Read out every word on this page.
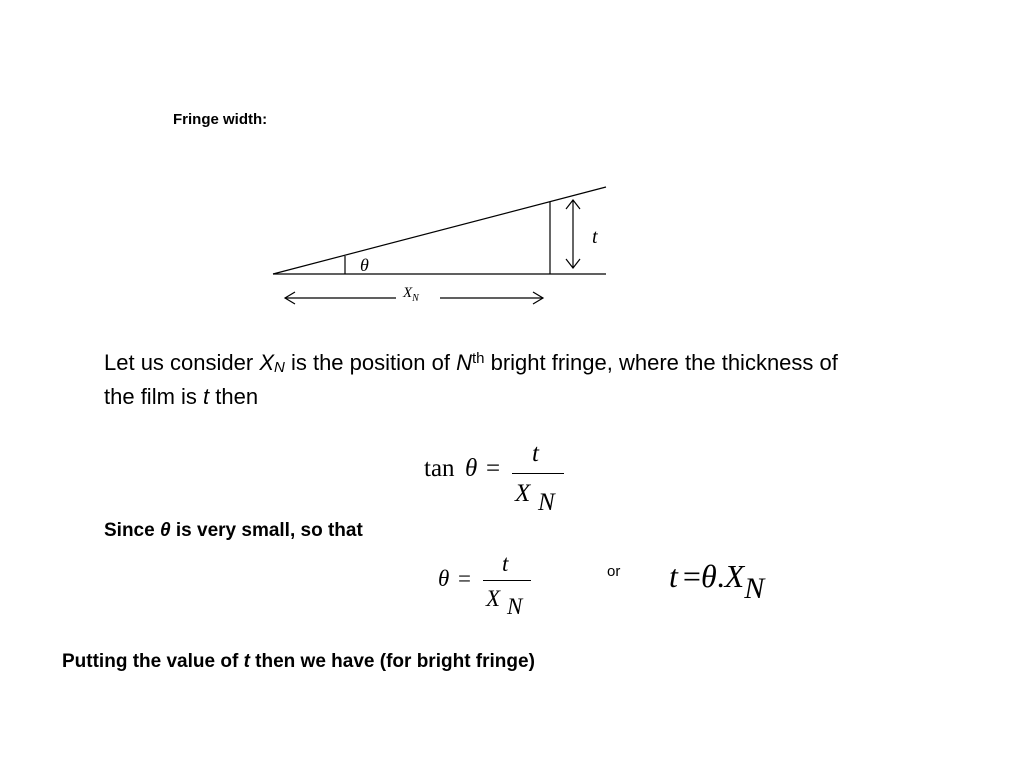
Fringe width:
θ
t
$X_N$
Let us consider $X_N$ is the position of $N^{th}$ bright fringe, where the thickness of the film is t then
tan θ =
t
X N
Since θ is very small, so that
θ =
t
X N
or t =θ.XN
Putting the value of t then we have (for bright fringe)
